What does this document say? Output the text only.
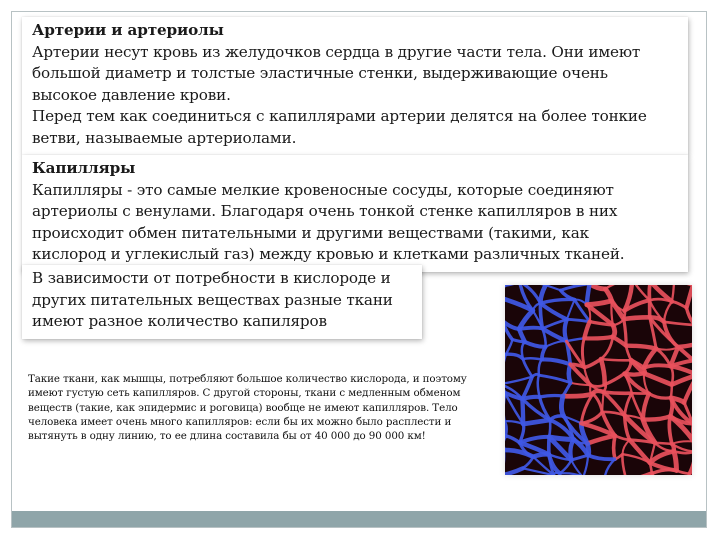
Артерии и артериолы
Артерии несут кровь из желудочков сердца в другие части тела. Они имеют
большой диаметр и толстые эластичные стенки, выдерживающие очень
высокое давление крови.
Перед тем как соединиться с капиллярами артерии делятся на более тонкие
ветви, называемые артериолами.
Капилляры
Капилляры - это самые мелкие кровеносные сосуды, которые соединяют
артериолы с венулами. Благодаря очень тонкой стенке капилляров в них
происходит обмен питательными и другими веществами (такими, как
кислород и углекислый газ) между кровью и клетками различных тканей.
В зависимости от потребности в кислороде и
других питательных веществах разные ткани
имеют разное количество капиляров
Такие ткани, как мышцы, потребляют большое количество кислорода, и поэтому
имеют густую сеть капилляров. С другой стороны, ткани с медленным обменом
веществ (такие, как эпидермис и роговица) вообще не имеют капилляров. Тело
человека имеет очень много капилляров: если бы их можно было расплести и
вытянуть в одну линию, то ее длина составила бы от 40 000 до 90 000 км!
